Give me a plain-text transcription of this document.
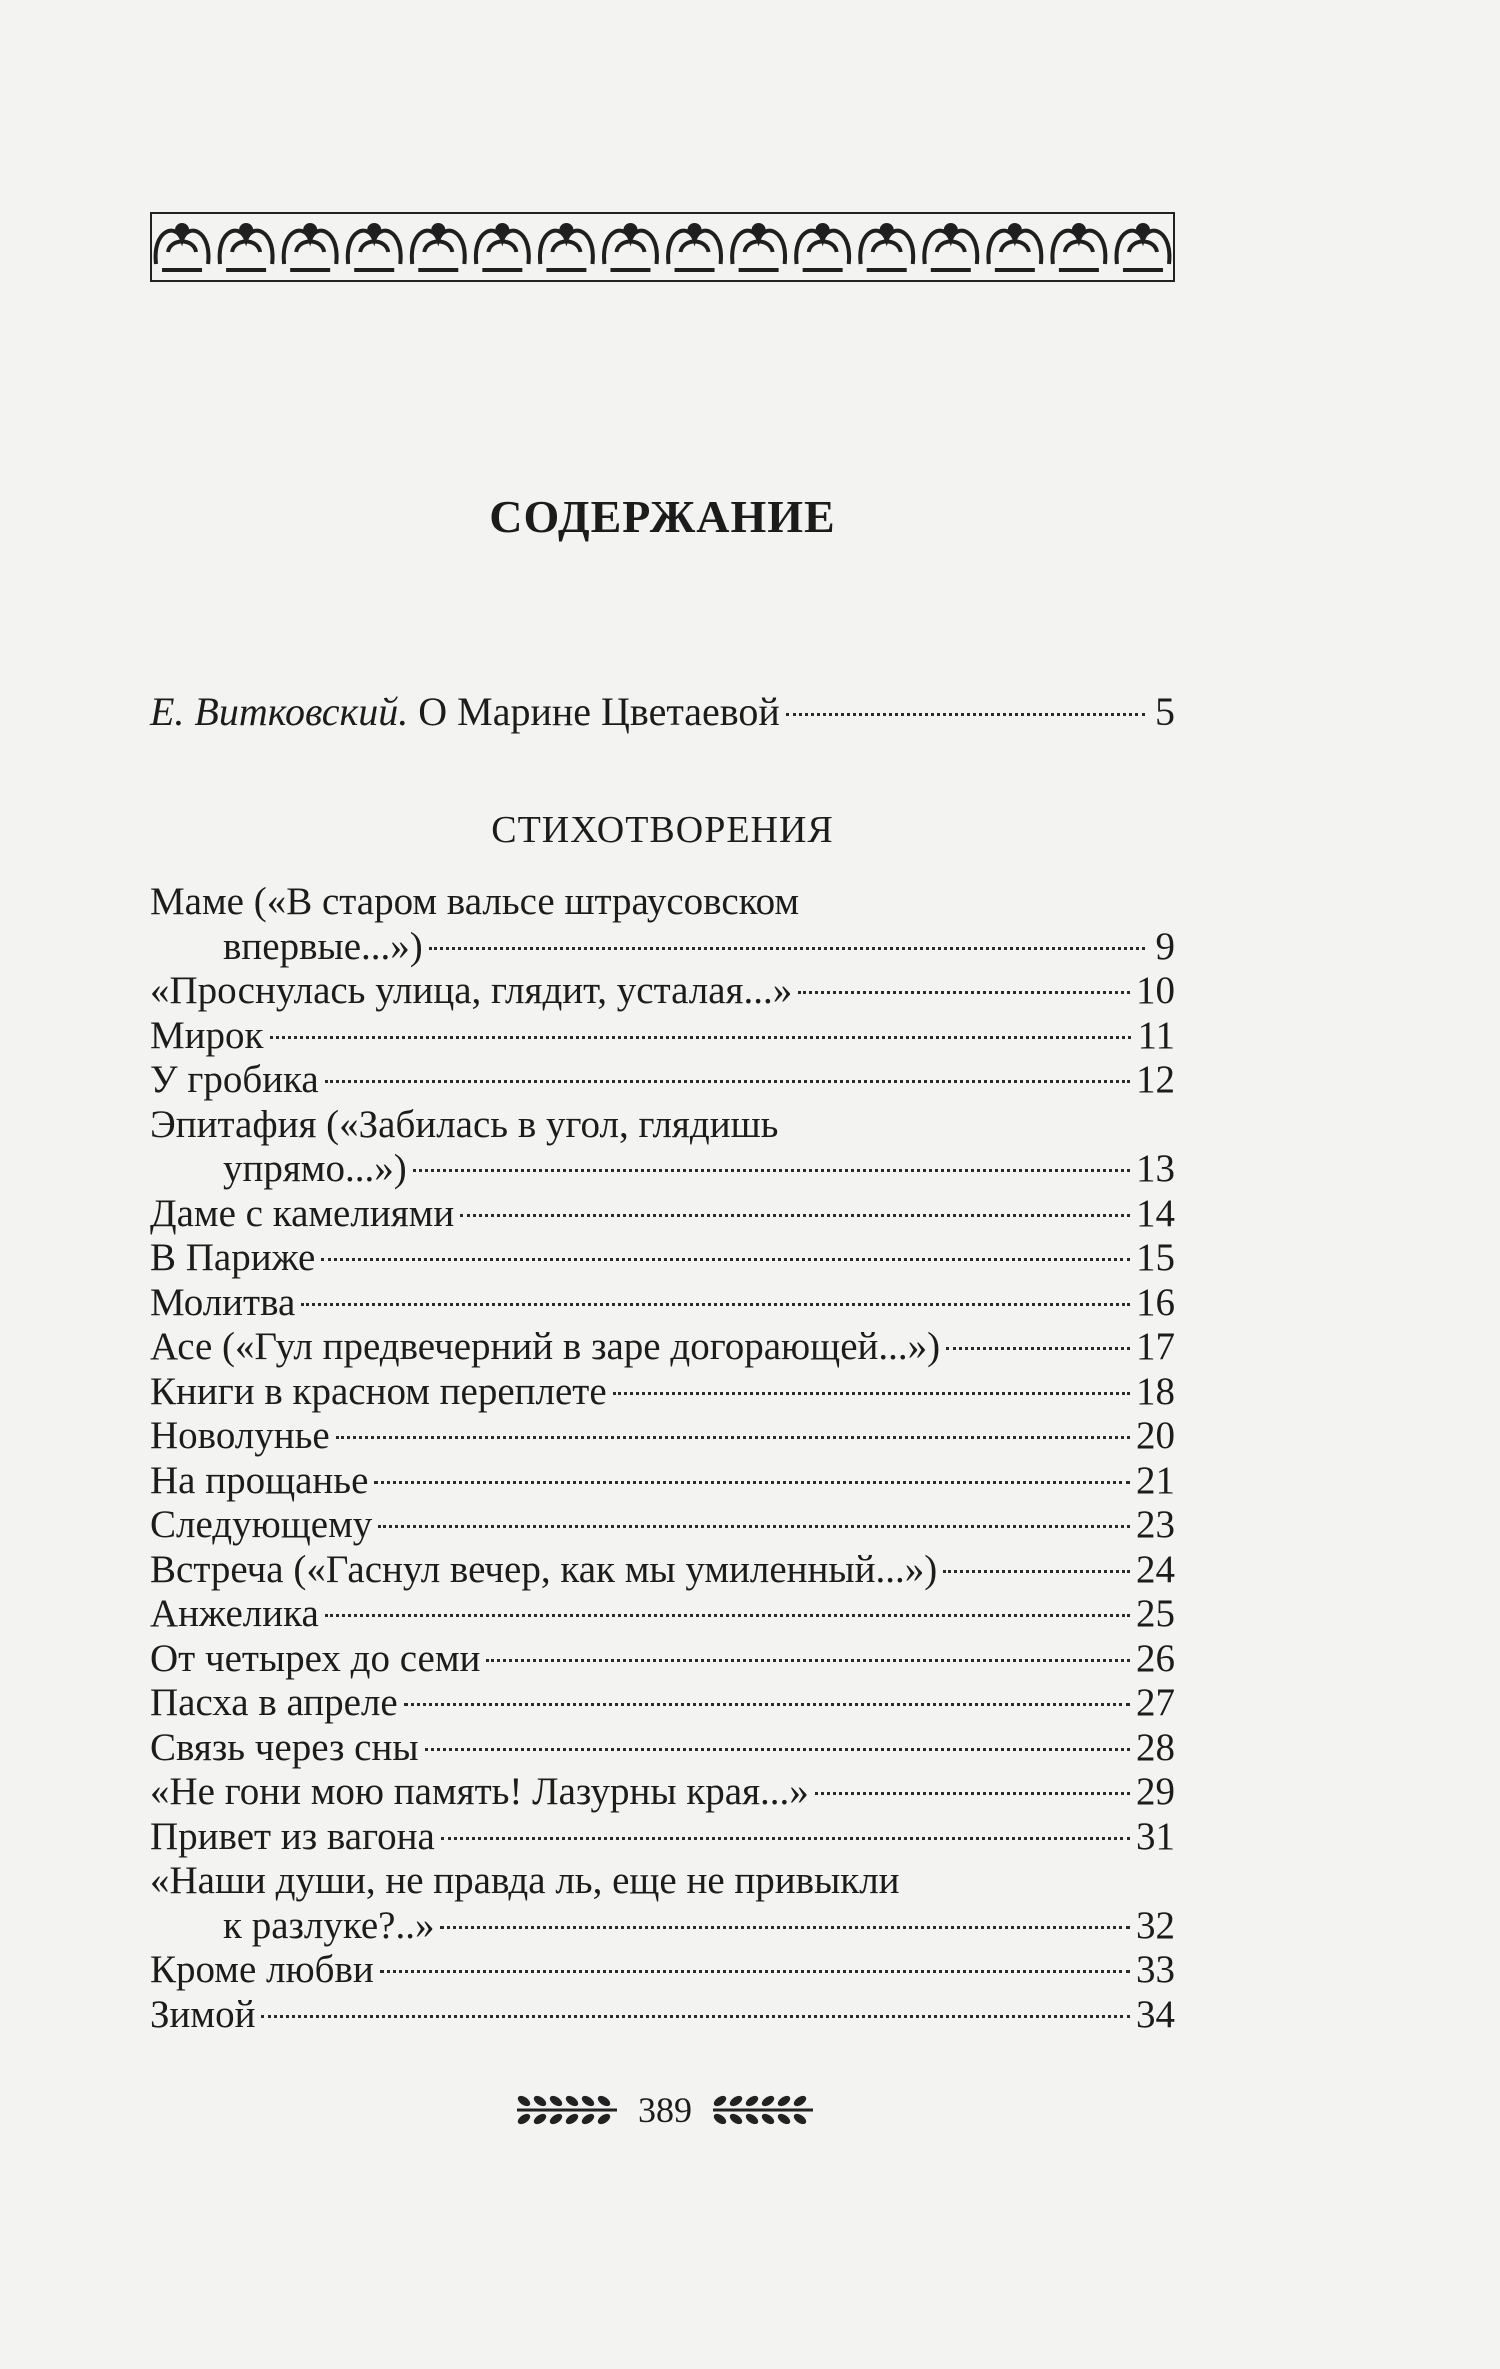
СОДЕРЖАНИЕ
Е. Витковский. О Марине Цветаевой	5
СТИХОТВОРЕНИЯ
Маме («В старом вальсе штраусовском
впервые...»)	9
«Проснулась улица, глядит, усталая...»	10
Мирок	11
У гробика	12
Эпитафия («Забилась в угол, глядишь
упрямо...»)	13
Даме с камелиями	14
В Париже	15
Молитва	16
Асе («Гул предвечерний в заре догорающей...»)	17
Книги в красном переплете	18
Новолунье	20
На прощанье	21
Следующему	23
Встреча («Гаснул вечер, как мы умиленный...»)	24
Анжелика	25
От четырех до семи	26
Пасха в апреле	27
Связь через сны	28
«Не гони мою память! Лазурны края...»	29
Привет из вагона	31
«Наши души, не правда ль, еще не привыкли
к разлуке?..»	32
Кроме любви	33
Зимой	34
389
